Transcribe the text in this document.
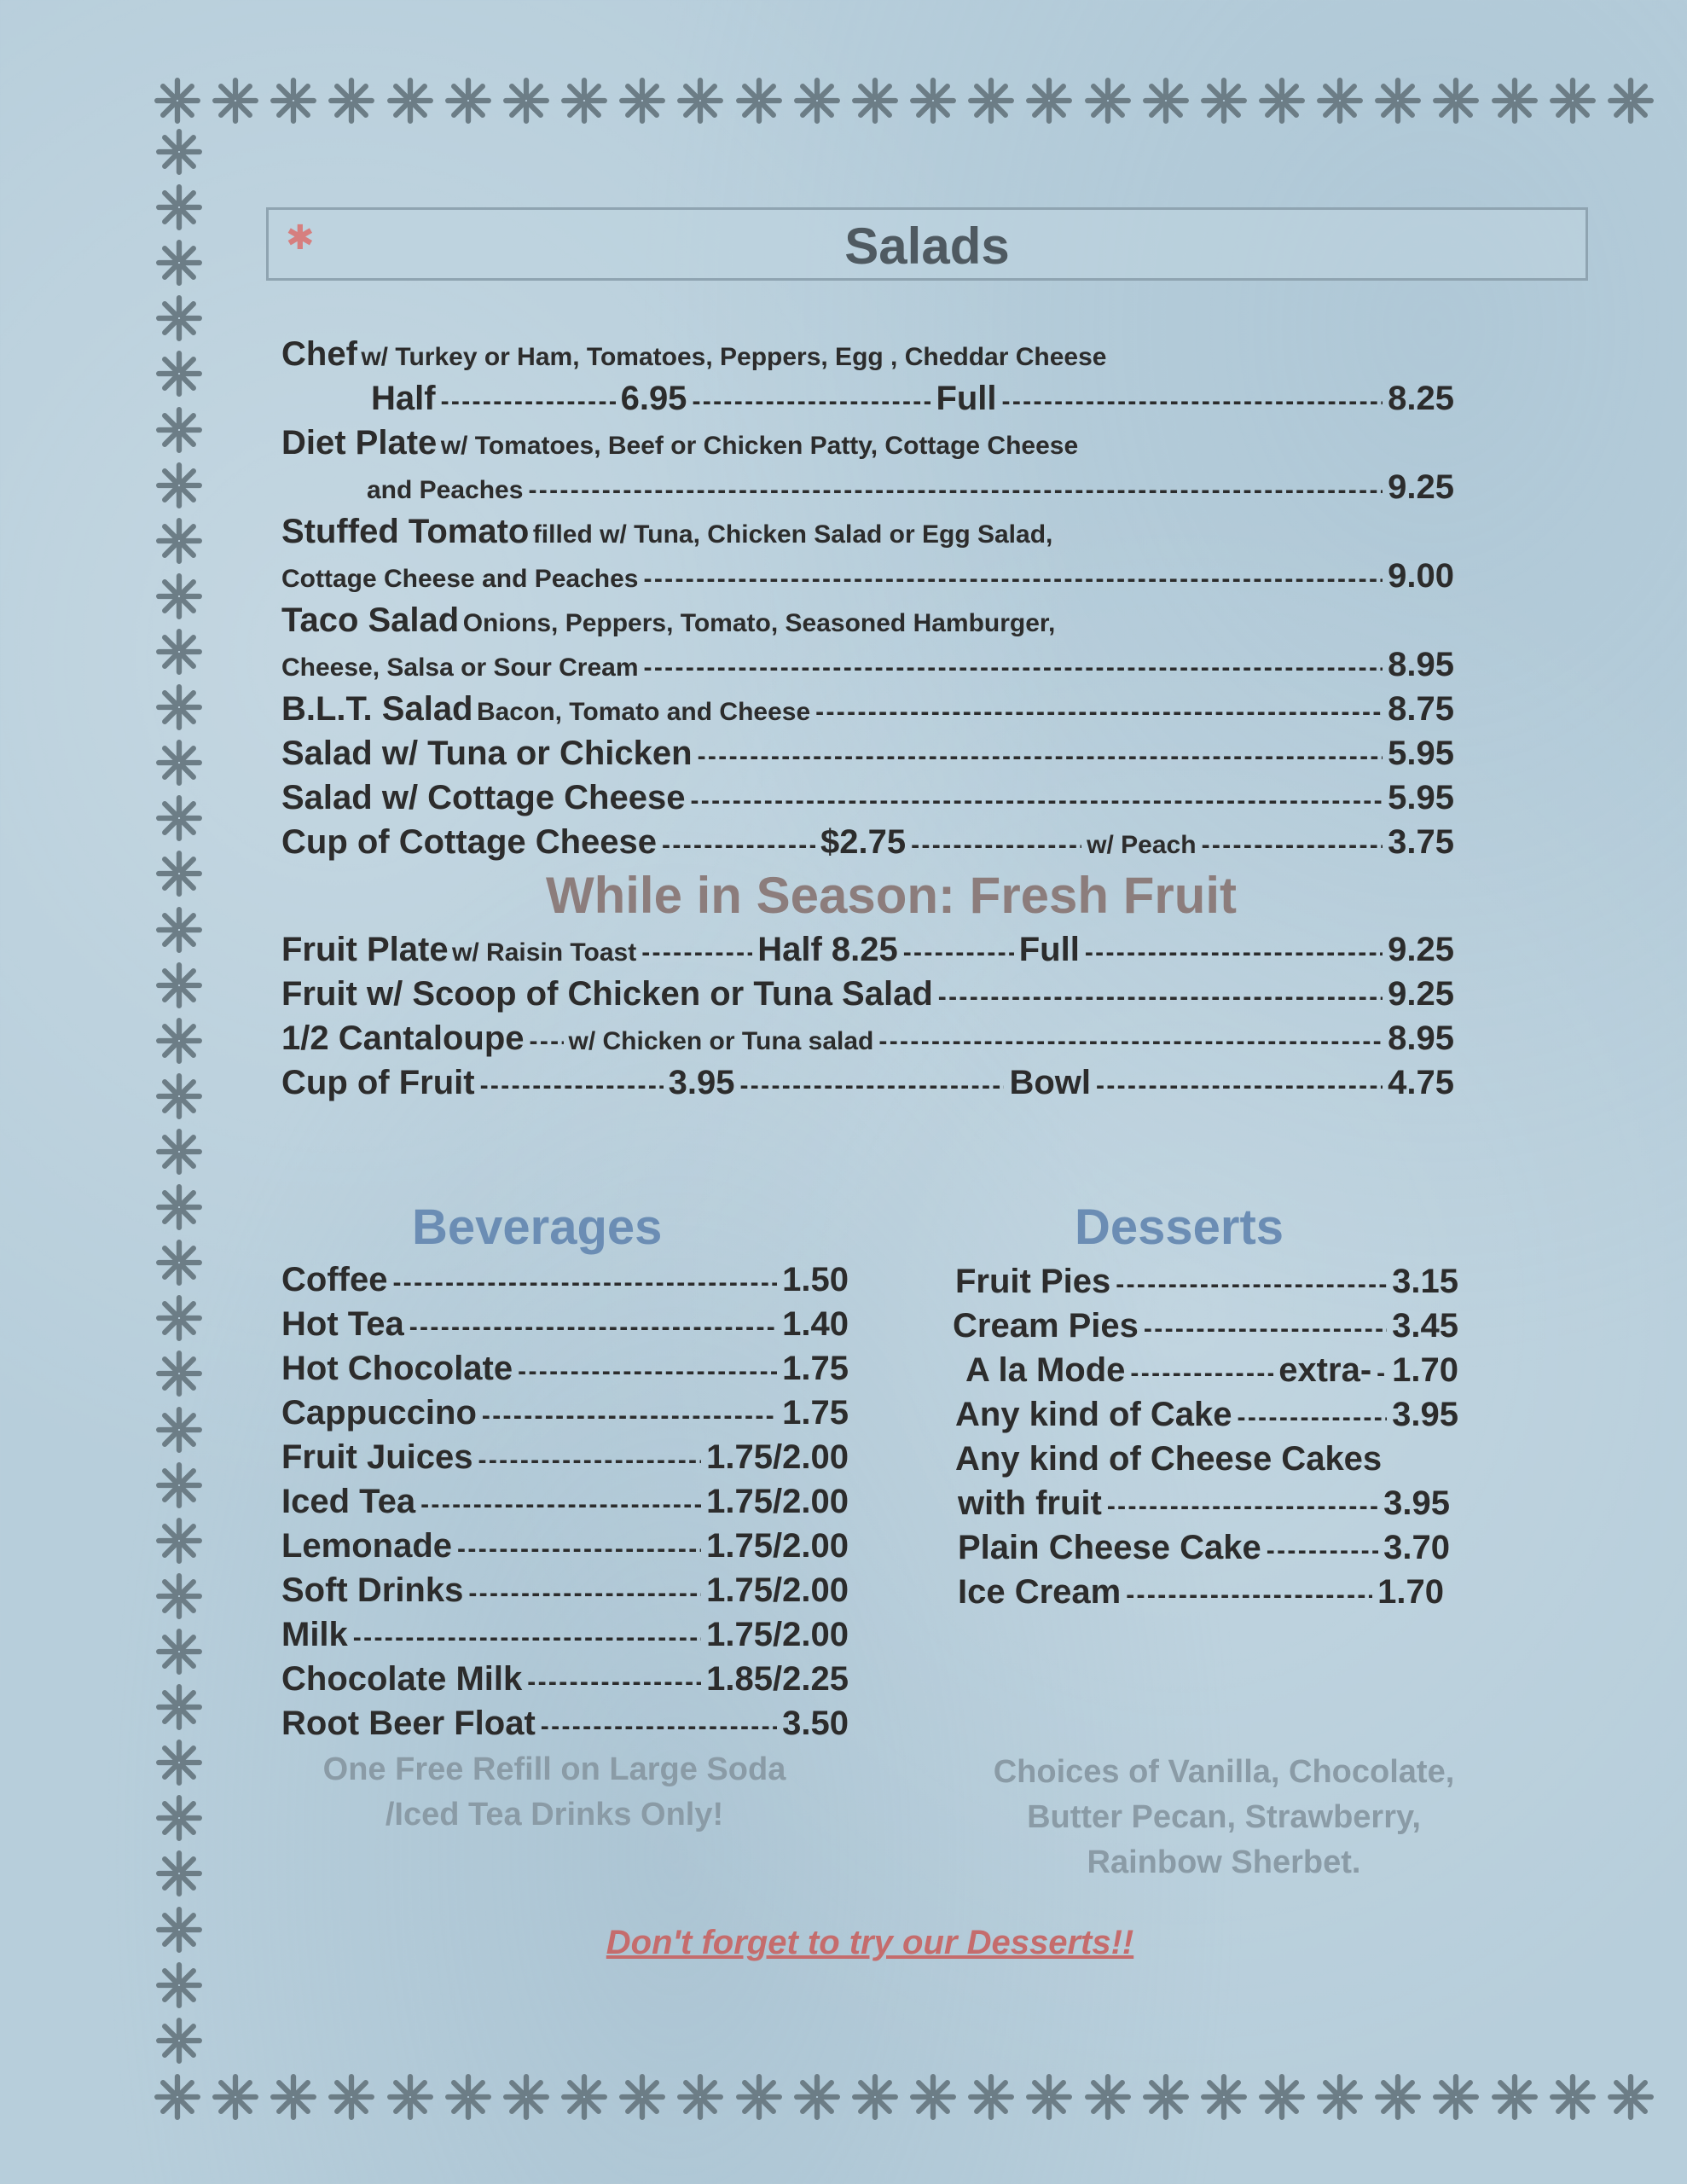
✱	Salads
Chef
w/ Turkey or Ham, Tomatoes, Peppers, Egg , Cheddar Cheese
Half - - -	6.95 - - -	Full - - -	8.25
Diet Plate
w/ Tomatoes, Beef or Chicken Patty, Cottage Cheese
and Peaches - - -	9.25
Stuffed Tomato
filled w/ Tuna, Chicken Salad or Egg Salad,
Cottage Cheese and Peaches - - -	9.00
Taco Salad
Onions, Peppers, Tomato, Seasoned Hamburger,
Cheese, Salsa or Sour Cream - - -	8.95
B.L.T. Salad
Bacon, Tomato and Cheese - - -	8.75
Salad w/ Tuna or Chicken - - -	5.95
Salad w/ Cottage Cheese - - -	5.95
Cup of Cottage Cheese - - -	$2.75 - - -	w/ Peach - - -	3.75
While in Season: Fresh Fruit
Fruit Plate
w/ Raisin Toast - - -	Half 8.25 - - -	Full - - -	9.25
Fruit w/ Scoop of Chicken or Tuna Salad - - -	9.25
1/2 Cantaloupe - - - w/ Chicken or Tuna salad - - -	8.95
Cup of Fruit - - -	3.95 - - -	Bowl - - -	4.75
Beverages
Coffee - - -	1.50
Hot Tea - - -	1.40
Hot Chocolate - - -	1.75
Cappuccino - - -	1.75
Fruit Juices - - -	1.75/2.00
Iced Tea - - -	1.75/2.00
Lemonade - - -	1.75/2.00
Soft Drinks - - -	1.75/2.00
Milk - - -	1.75/2.00
Chocolate Milk - - -	1.85/2.25
Root Beer Float - - -	3.50
One Free Refill on Large Soda
/Iced Tea Drinks Only!
Desserts
Fruit Pies - - -	3.15
Cream Pies - - -	3.45
A la Mode - - -	extra- - - - 1.70
Any kind of Cake - - -	3.95
Any kind of Cheese Cakes
with fruit - - -	3.95
Plain Cheese Cake - - -	3.70
Ice Cream - - -	1.70
Choices of Vanilla, Chocolate,
Butter Pecan, Strawberry,
Rainbow Sherbet.
Don't forget to try our Desserts!!
